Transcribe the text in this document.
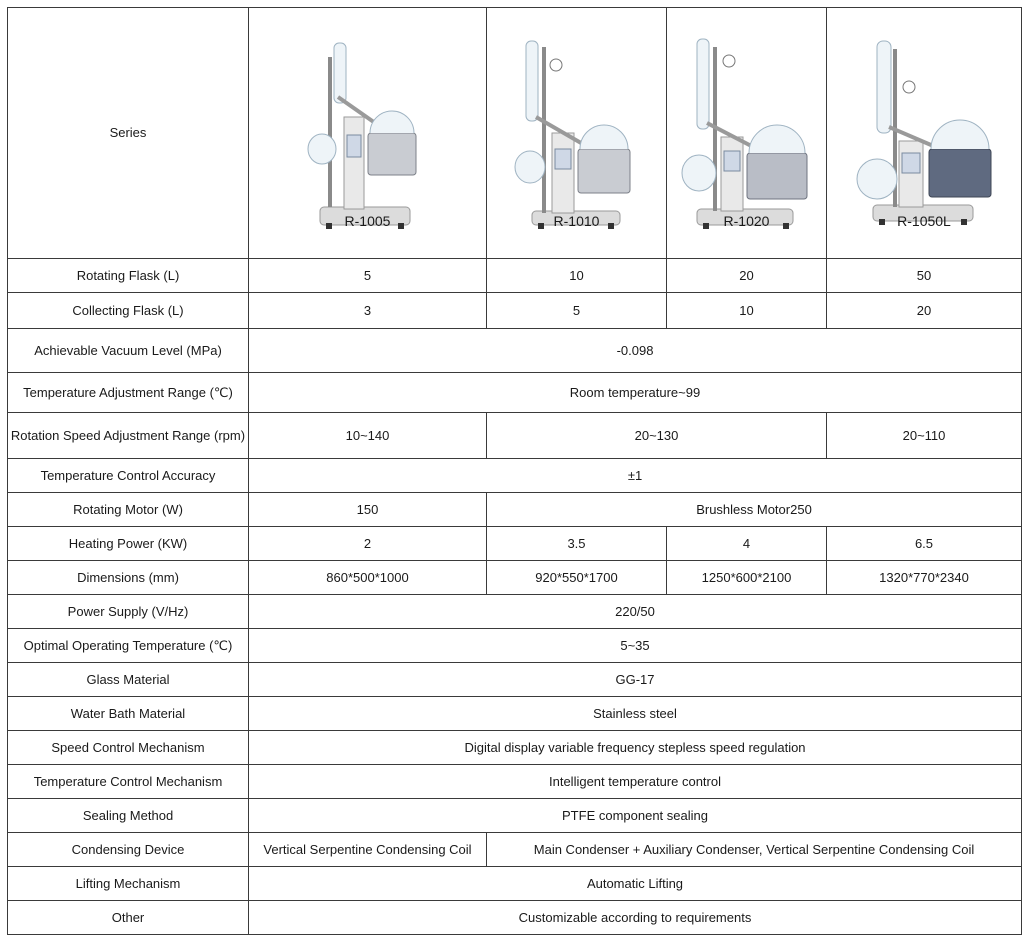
Series	R-1005	R-1010	R-1020	R-1050L

Rotating Flask (L)	5	10	20	50
Collecting Flask (L)	3	5	10	20
Achievable Vacuum Level (MPa)	-0.098			
Temperature Adjustment Range (℃)	Room temperature~99			
Rotation Speed Adjustment Range (rpm)	10~140	20~130		20~110
Temperature Control Accuracy	±1			
Rotating Motor (W)	150	Brushless Motor250		
Heating Power (KW)	2	3.5	4	6.5
Dimensions (mm)	860*500*1000	920*550*1700	1250*600*2100	1320*770*2340
Power Supply (V/Hz)	220/50			
Optimal Operating Temperature (℃)	5~35			
Glass Material	GG-17			
Water Bath Material	Stainless steel			
Speed Control Mechanism	Digital display variable frequency stepless speed regulation			
Temperature Control Mechanism	Intelligent temperature control			
Sealing Method	PTFE component sealing			
Condensing Device	Vertical Serpentine Condensing Coil	Main Condenser + Auxiliary Condenser, Vertical Serpentine Condensing Coil		
Lifting Mechanism	Automatic Lifting			
Other	Customizable according to requirements			
